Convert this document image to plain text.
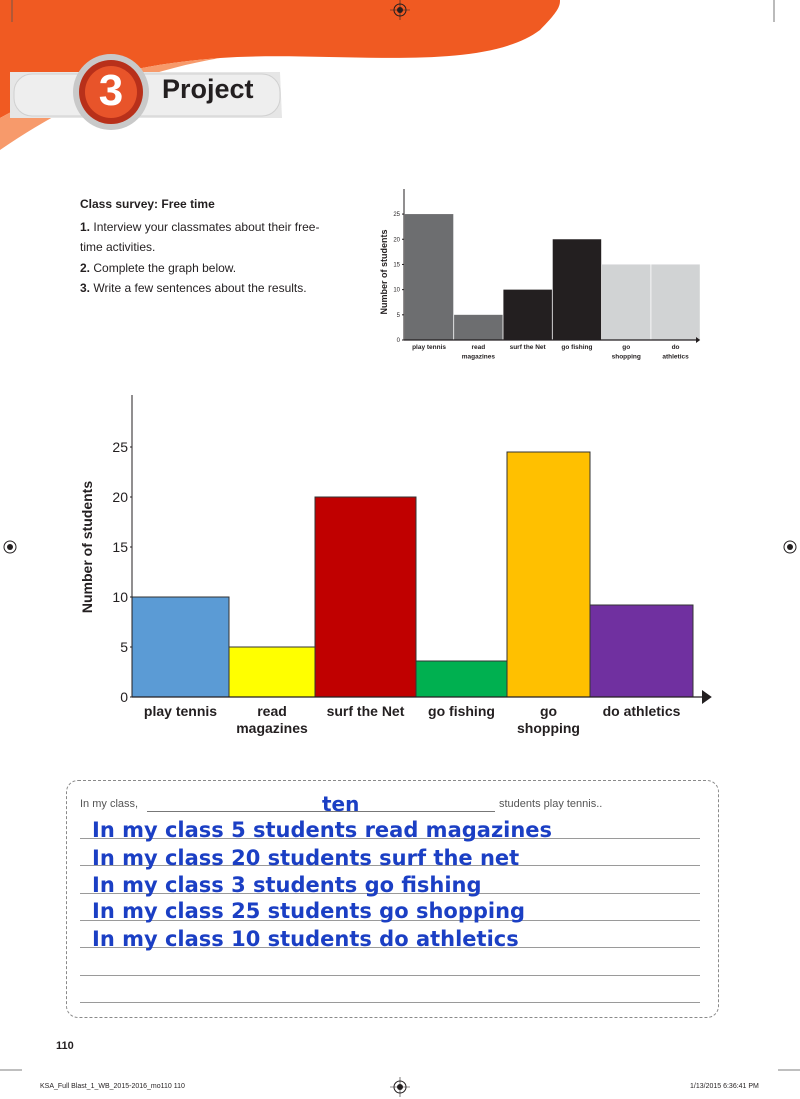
3	Project
Class survey: Free time
1. Interview your classmates about their free-time activities.
2. Complete the graph below.
3. Write a few sentences about the results.	Number of students
0
5
10
15
20
25
play tennis	read
magazines
surf the Net go fishing	go
shopping
do
athletics
Number of students
0
5
10
15
20
25
play tennis	read
magazines
surf the Net go fishing	go
shopping
do athletics
In my class,	ten	students play tennis..
In my class 5 students read magazines
In my class 20 students surf the net
In my class 3 students go fishing
In my class 25 students go shopping
In my class 10 students do athletics
110
KSA_Full Blast_1_WB_2015-2016_mo110 110	1/13/2015 6:36:41 PM
